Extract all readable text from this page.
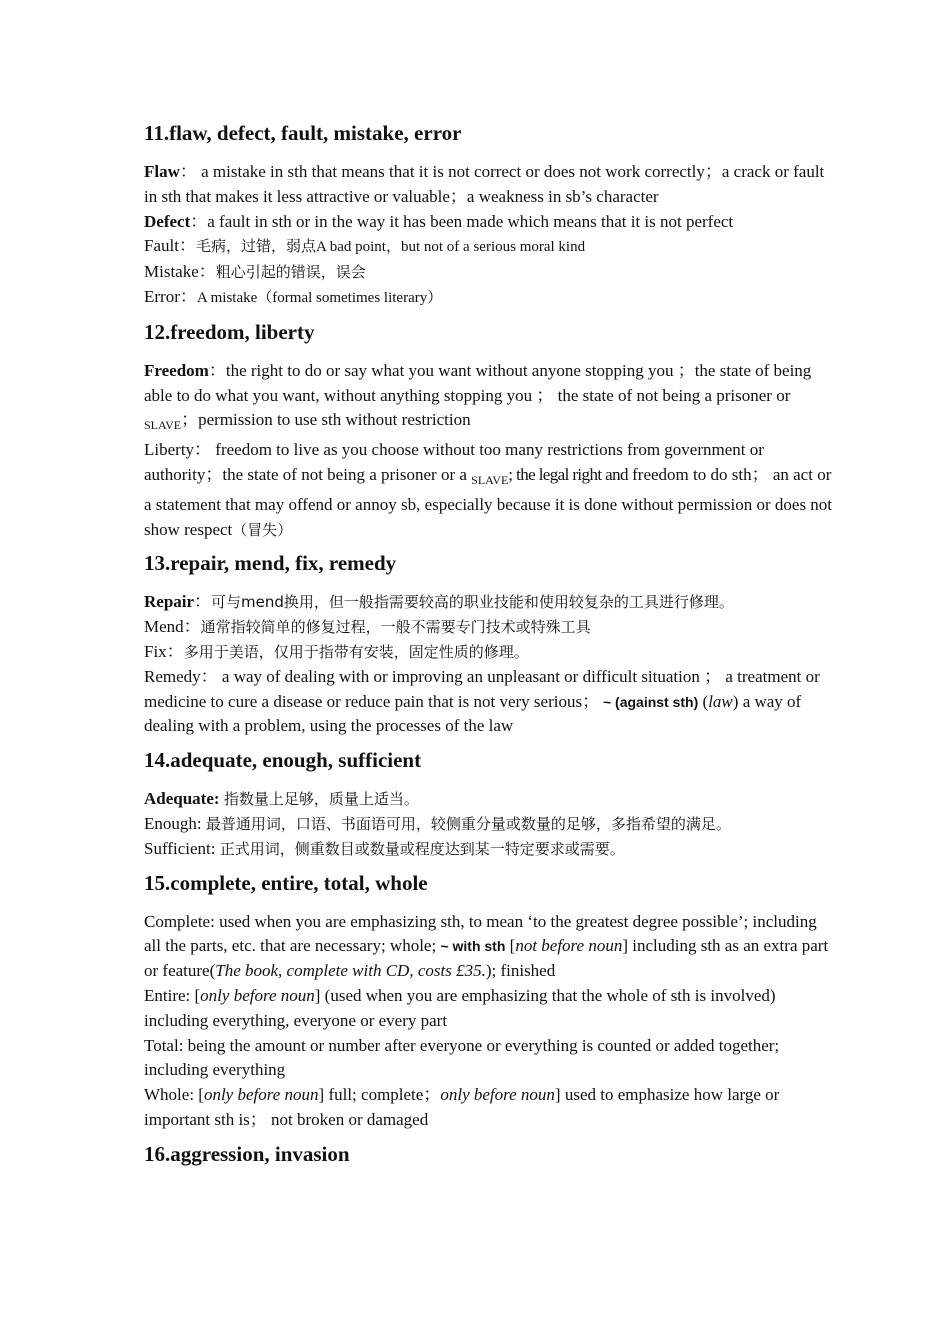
11.flaw, defect, fault, mistake, error

Flaw： a mistake in sth that means that it is not correct or does not work correctly；a crack or fault in sth that makes it less attractive or valuable；a weakness in sb’s character

Defect：a fault in sth or in the way it has been made which means that it is not perfect

Fault：毛病，过错，弱点A bad point，but not of a serious moral kind

Mistake：粗心引起的错误，误会

Error：A mistake（formal sometimes literary）

12.freedom, liberty

Freedom：the right to do or say what you want without anyone stopping you ；the state of being able to do what you want, without anything stopping you ； the state of not being a prisoner or $_{SLAVE}$；permission to use sth without restriction

Liberty： freedom to live as you choose without too many restrictions from government or authority；the state of not being a prisoner or a $_{SLAVE}$; the legal right and freedom to do sth； an act or a statement that may offend or annoy sb, especially because it is done without permission or does not show respect（冒失）

13.repair, mend, fix, remedy

Repair：可与mend换用，但一般指需要较高的职业技能和使用较复杂的工具进行修理。

Mend：通常指较简单的修复过程，一般不需要专门技术或特殊工具

Fix：多用于美语，仅用于指带有安装，固定性质的修理。

Remedy： a way of dealing with or improving an unpleasant or difficult situation ； a treatment or medicine to cure a disease or reduce pain that is not very serious； ~ (against sth) (law) a way of dealing with a problem, using the processes of the law

14.adequate, enough, sufficient

Adequate: 指数量上足够，质量上适当。

Enough: 最普通用词，口语、书面语可用，较侧重分量或数量的足够，多指希望的满足。

Sufficient: 正式用词，侧重数目或数量或程度达到某一特定要求或需要。

15.complete, entire, total, whole

Complete: used when you are emphasizing sth, to mean ‘to the greatest degree possible’; including all the parts, etc. that are necessary; whole; ~ with sth [not before noun] including sth as an extra part or feature(The book, complete with CD, costs £35.); finished

Entire: [only before noun] (used when you are emphasizing that the whole of sth is involved) including everything, everyone or every part

Total: being the amount or number after everyone or everything is counted or added together; including everything

Whole: [only before noun] full; complete；only before noun] used to emphasize how large or important sth is； not broken or damaged

16.aggression, invasion
